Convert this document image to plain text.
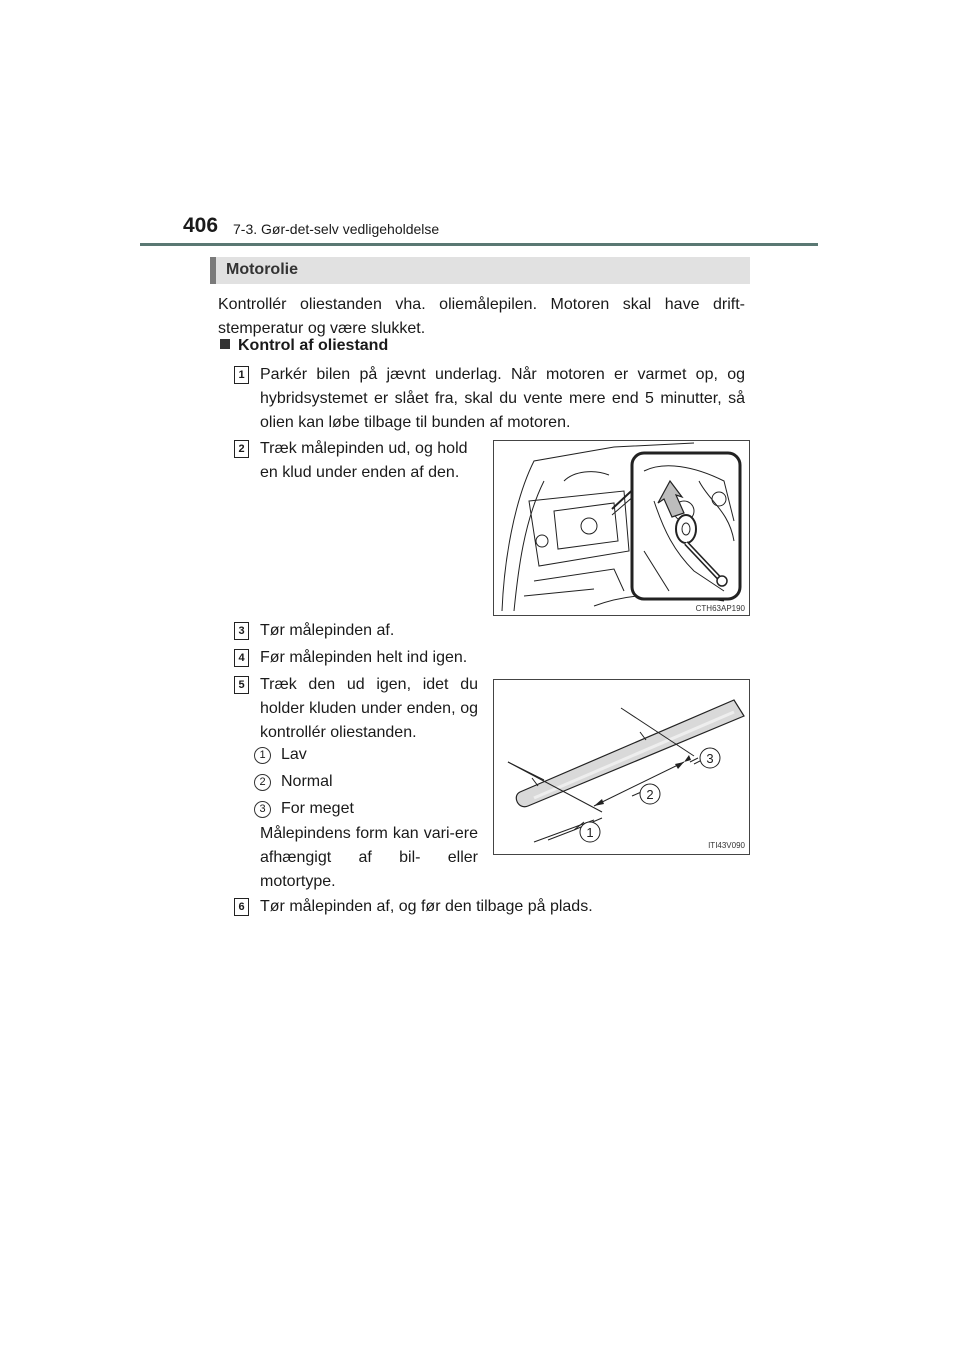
406 7-3. Gør-det-selv vedligeholdelse
Motorolie
Kontrollér oliestanden vha. oliemålepilen. Motoren skal have drift-stemperatur og være slukket.
Kontrol af oliestand
1 Parkér bilen på jævnt underlag. Når motoren er varmet op, og hybridsystemet er slået fra, skal du vente mere end 5 minutter, så olien kan løbe tilbage til bunden af motoren.
2 Træk målepinden ud, og hold en klud under enden af den.
CTH63AP190
3 Tør målepinden af.
4 Før målepinden helt ind igen.
5 Træk den ud igen, idet du holder kluden under enden, og kontrollér oliestanden.
1 Lav
2 Normal
3 For meget
Målepindens form kan vari-ere afhængigt af bil- eller motortype.
1
2
3
ITI43V090
6 Tør målepinden af, og før den tilbage på plads.
